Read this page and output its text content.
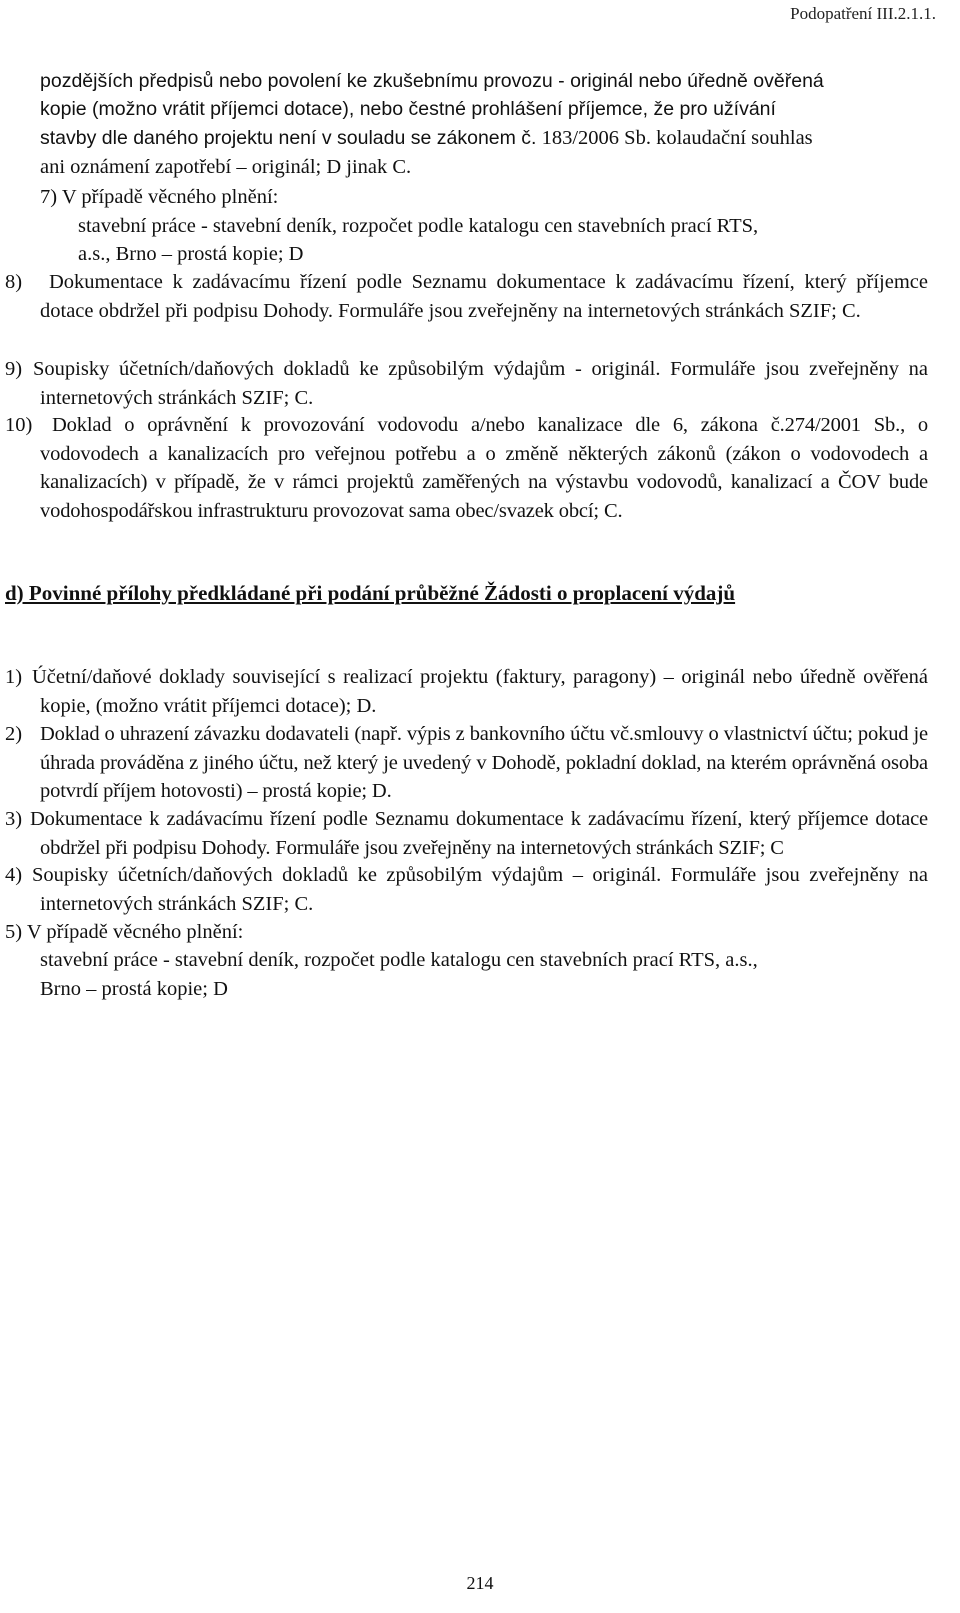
Podopatření III.2.1.1.
pozdějších předpisů nebo povolení ke zkušebnímu provozu - originál nebo úředně ověřená
kopie (možno vrátit příjemci dotace), nebo čestné prohlášení příjemce, že pro užívání
stavby dle daného projektu není v souladu se zákonem č. 183/2006 Sb. kolaudační souhlas
ani oznámení zapotřebí – originál; D jinak C.
7) V případě věcného plnění:
stavební práce - stavební deník, rozpočet podle katalogu cen stavebních prací RTS,
a.s., Brno – prostá kopie; D
8)	Dokumentace k zadávacímu řízení podle Seznamu dokumentace k zadávacímu řízení, který příjemce dotace obdržel při podpisu Dohody. Formuláře jsou zveřejněny na internetových stránkách SZIF; C.
9) Soupisky účetních/daňových dokladů ke způsobilým výdajům - originál. Formuláře jsou zveřejněny na internetových stránkách SZIF; C.
10) Doklad o oprávnění k provozování vodovodu a/nebo kanalizace dle 6, zákona č.274/2001 Sb., o vodovodech a kanalizacích pro veřejnou potřebu a o změně některých zákonů (zákon o vodovodech a kanalizacích) v případě, že v rámci projektů zaměřených na výstavbu vodovodů, kanalizací a ČOV bude vodohospodářskou infrastrukturu provozovat sama obec/svazek obcí; C.
d) Povinné přílohy předkládané při podání průběžné Žádosti o proplacení výdajů
1) Účetní/daňové doklady související s realizací projektu (faktury, paragony) – originál nebo úředně ověřená kopie, (možno vrátit příjemci dotace); D.
2) Doklad o uhrazení závazku dodavateli (např. výpis z bankovního účtu vč.smlouvy o vlastnictví účtu; pokud je úhrada prováděna z jiného účtu, než který je uvedený v Dohodě, pokladní doklad, na kterém oprávněná osoba potvrdí příjem hotovosti) – prostá kopie; D.
3) Dokumentace k zadávacímu řízení podle Seznamu dokumentace k zadávacímu řízení, který příjemce dotace obdržel při podpisu Dohody. Formuláře jsou zveřejněny na internetových stránkách SZIF; C
4) Soupisky účetních/daňových dokladů ke způsobilým výdajům – originál. Formuláře jsou zveřejněny na internetových stránkách SZIF; C.
5) V případě věcného plnění:
stavební práce - stavební deník, rozpočet podle katalogu cen stavebních prací RTS, a.s.,
Brno – prostá kopie; D
214
